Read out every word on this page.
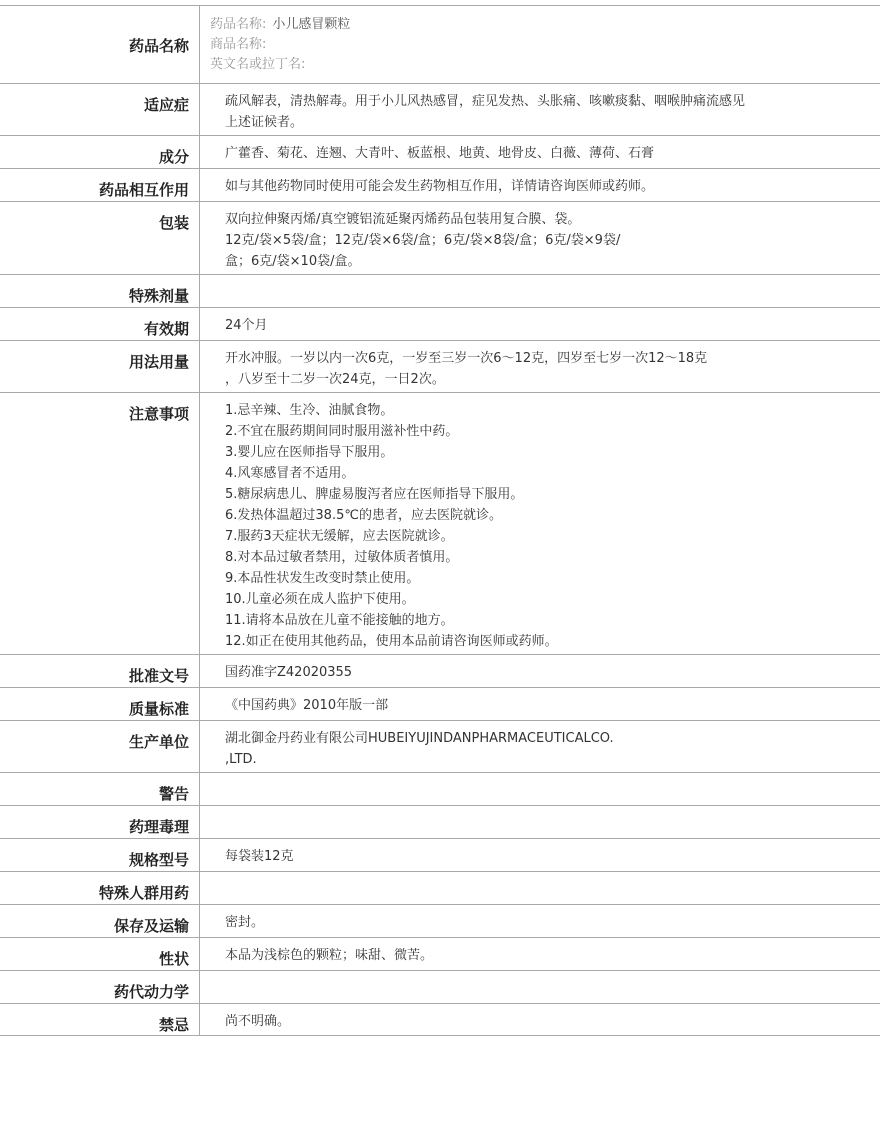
药品名称
药品名称: 小儿感冒颗粒
商品名称:
英文名或拉丁名:
适应症	疏风解表，清热解毒。用于小儿风热感冒，症见发热、头胀痛、咳嗽痰黏、咽喉肿痛流感见
上述证候者。
成分	广藿香、菊花、连翘、大青叶、板蓝根、地黄、地骨皮、白薇、薄荷、石膏
药品相互作用	如与其他药物同时使用可能会发生药物相互作用，详情请咨询医师或药师。
包装	双向拉伸聚丙烯/真空镀铝流延聚丙烯药品包装用复合膜、袋。
12克/袋×5袋/盒；12克/袋×6袋/盒；6克/袋×8袋/盒；6克/袋×9袋/
盒；6克/袋×10袋/盒。
特殊剂量
有效期	24个月
用法用量	开水冲服。一岁以内一次6克，一岁至三岁一次6～12克，四岁至七岁一次12～18克
，八岁至十二岁一次24克，一日2次。
注意事项	1.忌辛辣、生冷、油腻食物。
2.不宜在服药期间同时服用滋补性中药。
3.婴儿应在医师指导下服用。
4.风寒感冒者不适用。
5.糖尿病患儿、脾虚易腹泻者应在医师指导下服用。
6.发热体温超过38.5℃的患者，应去医院就诊。
7.服药3天症状无缓解，应去医院就诊。
8.对本品过敏者禁用，过敏体质者慎用。
9.本品性状发生改变时禁止使用。
10.儿童必须在成人监护下使用。
11.请将本品放在儿童不能接触的地方。
12.如正在使用其他药品，使用本品前请咨询医师或药师。
批准文号	国药准字Z42020355
质量标准	《中国药典》2010年版一部
生产单位	湖北御金丹药业有限公司HUBEIYUJINDANPHARMACEUTICALCO.
,LTD.
警告
药理毒理
规格型号	每袋装12克
特殊人群用药
保存及运输	密封。
性状	本品为浅棕色的颗粒；味甜、微苦。
药代动力学
禁忌	尚不明确。
